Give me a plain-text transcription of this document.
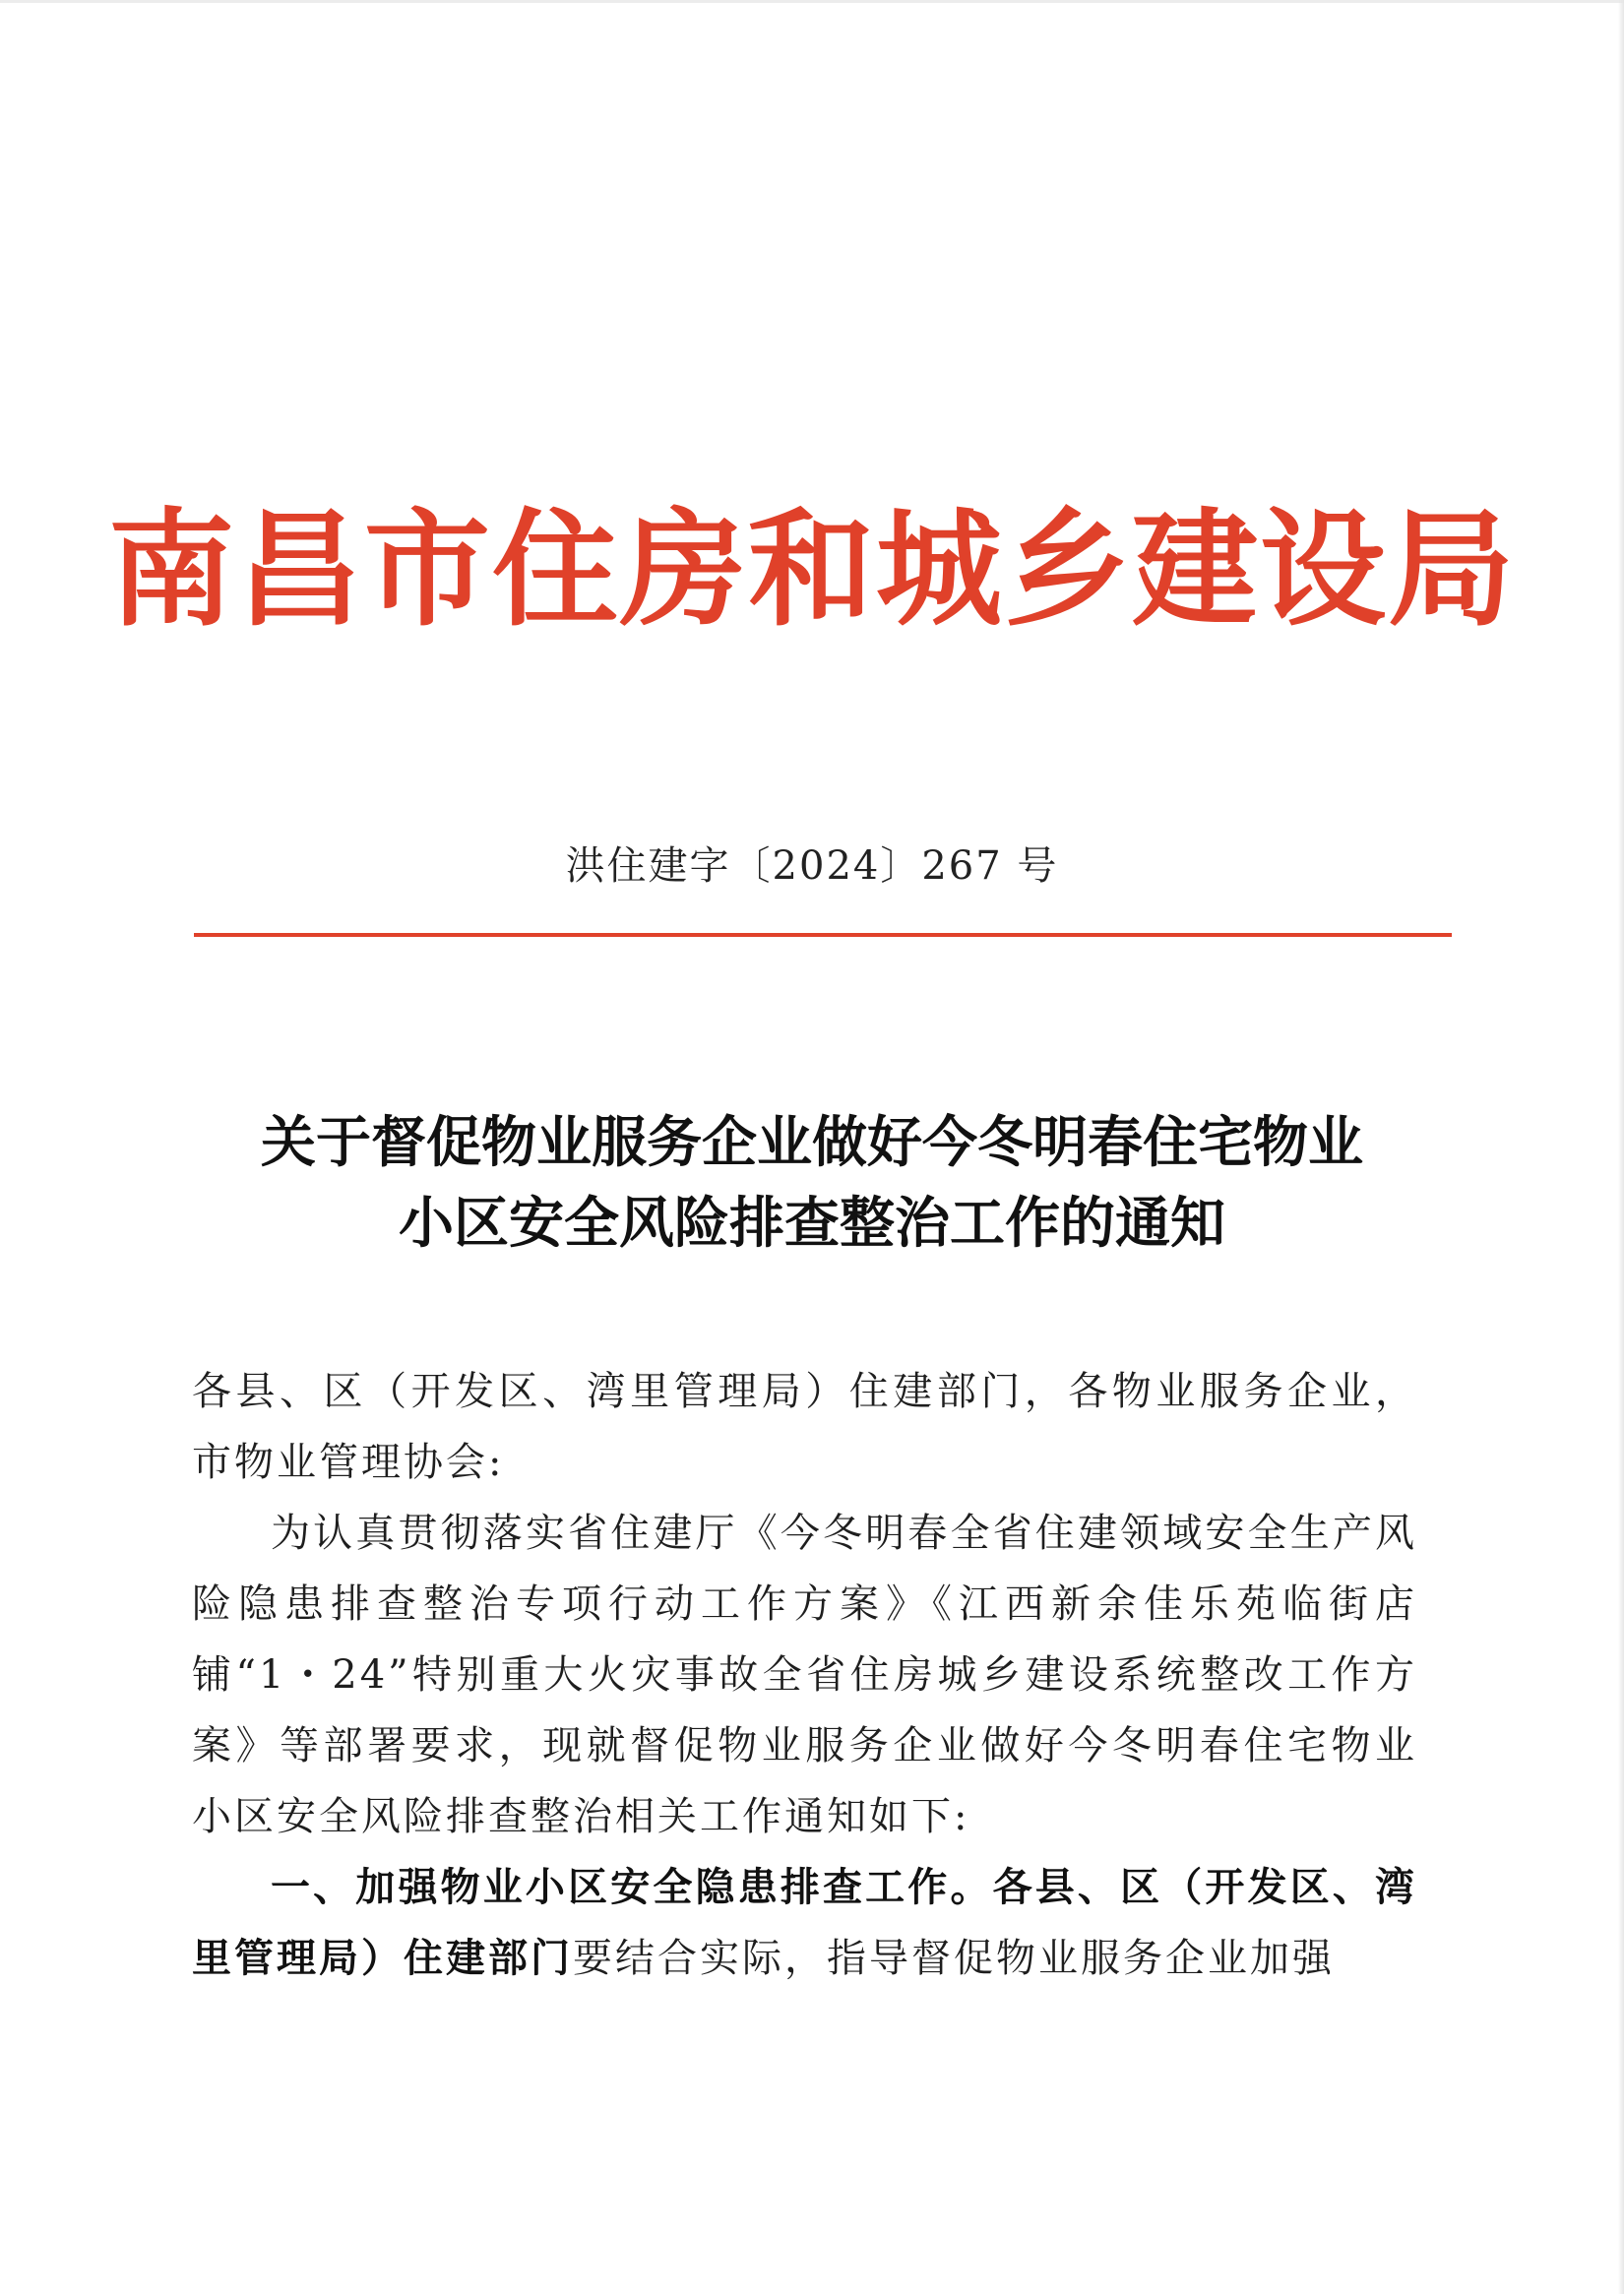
南昌市住房和城乡建设局
洪住建字〔2024〕267 号
关于督促物业服务企业做好今冬明春住宅物业
小区安全风险排查整治工作的通知

各县、区（开发区、湾里管理局）住建部门，各物业服务企业，市物业管理协会:

为认真贯彻落实省住建厅《今冬明春全省住建领域安全生产风险隐患排查整治专项行动工作方案》《江西新余佳乐苑临街店铺“1・24”特别重大火灾事故全省住房城乡建设系统整改工作方案》等部署要求，现就督促物业服务企业做好今冬明春住宅物业小区安全风险排查整治相关工作通知如下:

一、加强物业小区安全隐患排查工作。各县、区（开发区、湾里管理局）住建部门要结合实际，指导督促物业服务企业加强
